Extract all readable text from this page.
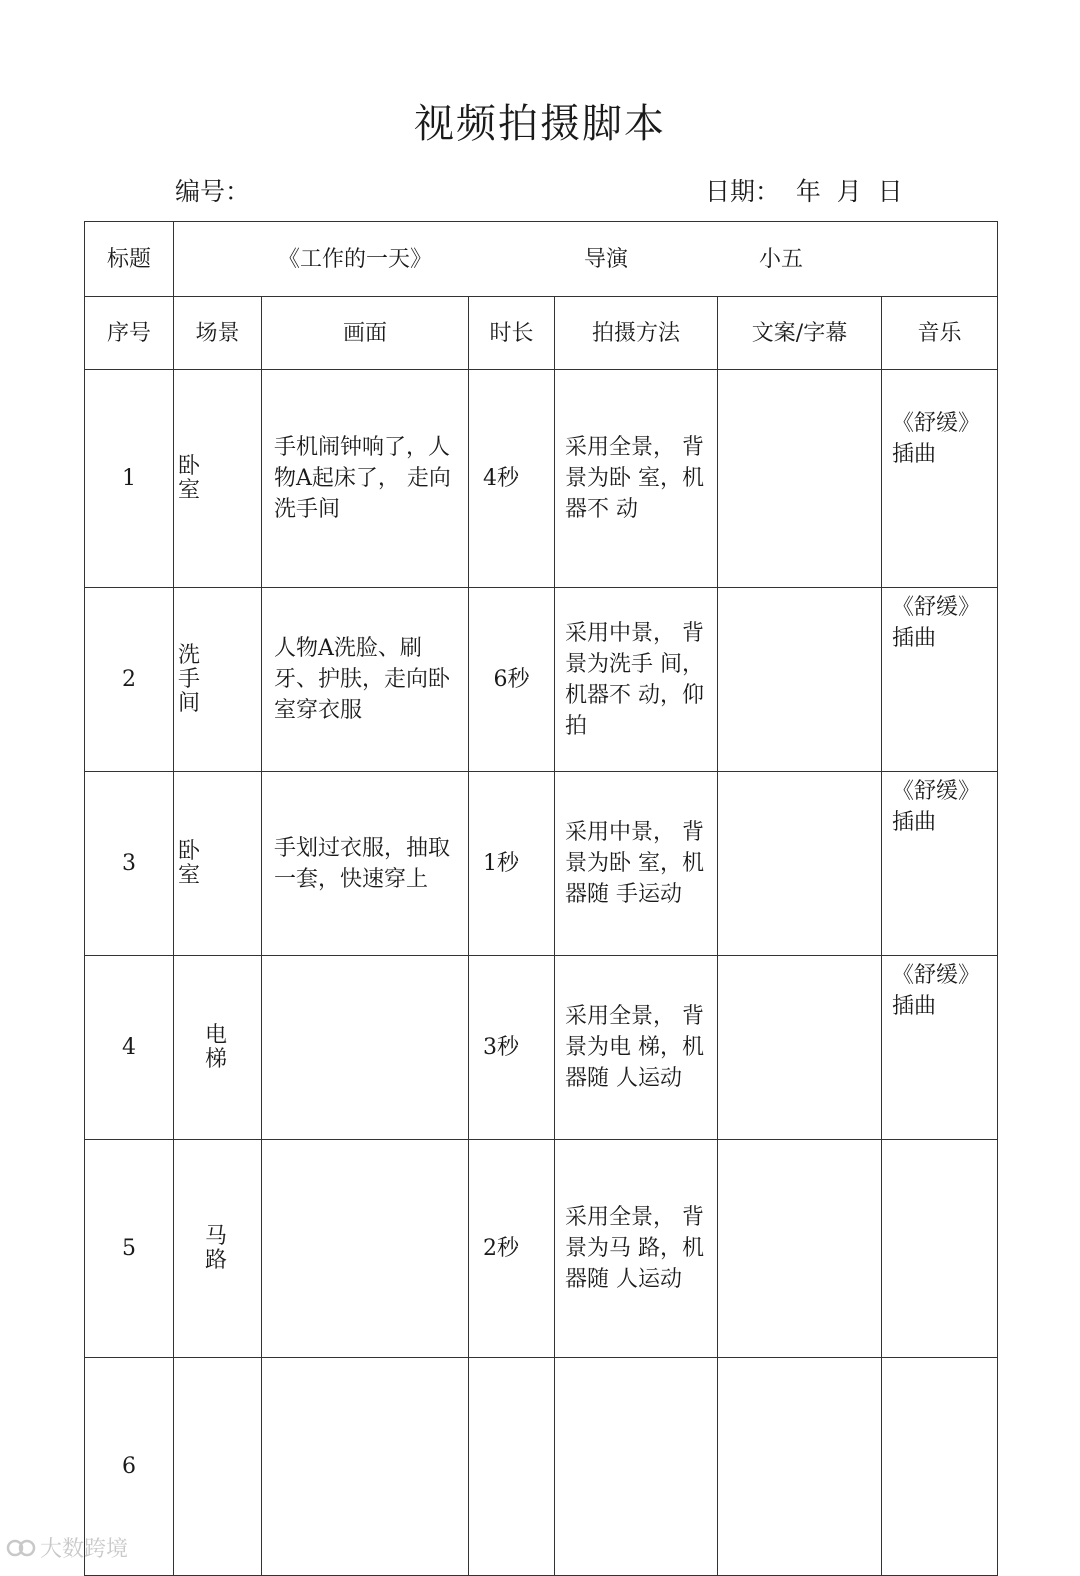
视频拍摄脚本
编号：	日期：  年  月  日
标题	《工作的一天》 导演 小五					

序号	场景	画面	时长	拍摄方法	文案/字幕	音乐
1	卧室	手机闹钟响了，人物A起床了， 走向洗手间	4秒	采用全景， 背景为卧 室，机器不 动		《舒缓》插曲
2	洗手间	人物A洗脸、刷牙、护肤，走向卧室穿衣服	6秒	采用中景， 背景为洗手 间，机器不 动，仰拍		《舒缓》插曲
3	卧室	手划过衣服，抽取一套，快速穿上	1秒	采用中景， 背景为卧 室，机器随 手运动		《舒缓》插曲
4	电梯		3秒	采用全景， 背景为电 梯，机器随 人运动		《舒缓》插曲
5	马路		2秒	采用全景， 背景为马 路，机器随 人运动		
6	

大数跨境
